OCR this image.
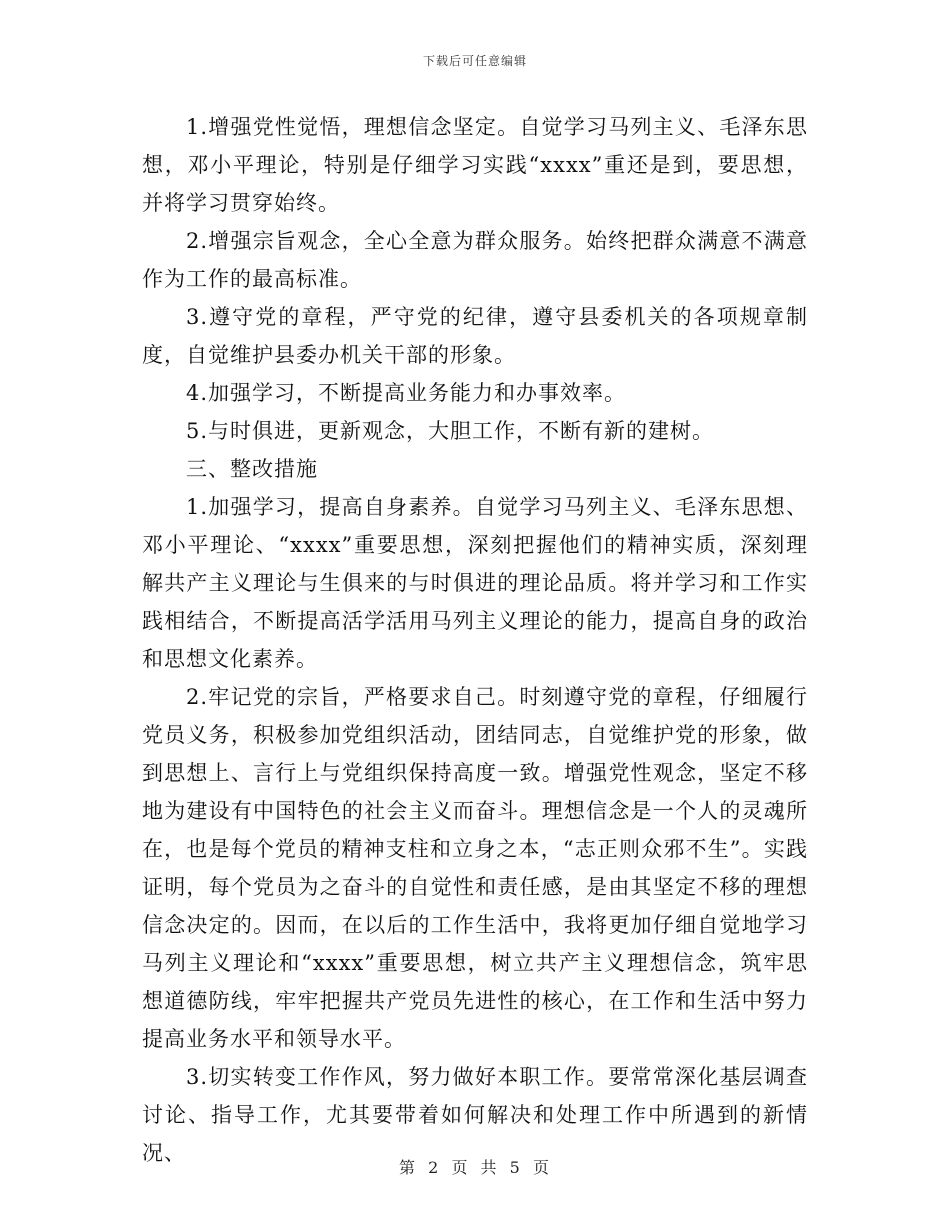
下载后可任意编辑

1.增强党性觉悟，理想信念坚定。自觉学习马列主义、毛泽东思想，邓小平理论，特别是仔细学习实践“xxxx”重还是到，要思想，并将学习贯穿始终。

2.增强宗旨观念，全心全意为群众服务。始终把群众满意不满意作为工作的最高标准。

3.遵守党的章程，严守党的纪律，遵守县委机关的各项规章制度，自觉维护县委办机关干部的形象。

4.加强学习，不断提高业务能力和办事效率。

5.与时俱进，更新观念，大胆工作，不断有新的建树。

三、整改措施

1.加强学习，提高自身素养。自觉学习马列主义、毛泽东思想、邓小平理论、“xxxx”重要思想，深刻把握他们的精神实质，深刻理解共产主义理论与生俱来的与时俱进的理论品质。将并学习和工作实践相结合，不断提高活学活用马列主义理论的能力，提高自身的政治和思想文化素养。

2.牢记党的宗旨，严格要求自己。时刻遵守党的章程，仔细履行党员义务，积极参加党组织活动，团结同志，自觉维护党的形象，做到思想上、言行上与党组织保持高度一致。增强党性观念，坚定不移地为建设有中国特色的社会主义而奋斗。理想信念是一个人的灵魂所在，也是每个党员的精神支柱和立身之本，“志正则众邪不生”。实践证明，每个党员为之奋斗的自觉性和责任感，是由其坚定不移的理想信念决定的。因而，在以后的工作生活中，我将更加仔细自觉地学习马列主义理论和“xxxx”重要思想，树立共产主义理想信念，筑牢思想道德防线，牢牢把握共产党员先进性的核心，在工作和生活中努力提高业务水平和领导水平。

3.切实转变工作作风，努力做好本职工作。要常常深化基层调查讨论、指导工作，尤其要带着如何解决和处理工作中所遇到的新情况、

第 2 页 共 5 页
